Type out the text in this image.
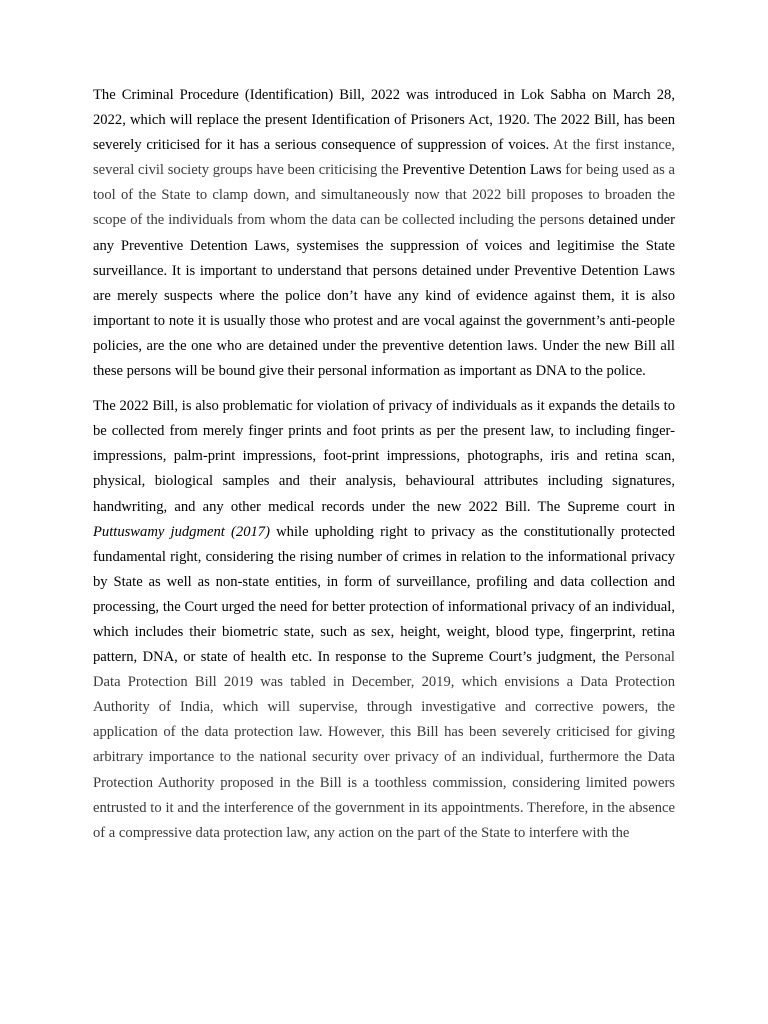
The Criminal Procedure (Identification) Bill, 2022 was introduced in Lok Sabha on March 28, 2022, which will replace the present Identification of Prisoners Act, 1920. The 2022 Bill, has been severely criticised for it has a serious consequence of suppression of voices. At the first instance, several civil society groups have been criticising the Preventive Detention Laws for being used as a tool of the State to clamp down, and simultaneously now that 2022 bill proposes to broaden the scope of the individuals from whom the data can be collected including the persons detained under any Preventive Detention Laws, systemises the suppression of voices and legitimise the State surveillance. It is important to understand that persons detained under Preventive Detention Laws are merely suspects where the police don’t have any kind of evidence against them, it is also important to note it is usually those who protest and are vocal against the government’s anti-people policies, are the one who are detained under the preventive detention laws. Under the new Bill all these persons will be bound give their personal information as important as DNA to the police.

The 2022 Bill, is also problematic for violation of privacy of individuals as it expands the details to be collected from merely finger prints and foot prints as per the present law, to including finger-impressions, palm-print impressions, foot-print impressions, photographs, iris and retina scan, physical, biological samples and their analysis, behavioural attributes including signatures, handwriting, and any other medical records under the new 2022 Bill. The Supreme court in Puttuswamy judgment (2017) while upholding right to privacy as the constitutionally protected fundamental right, considering the rising number of crimes in relation to the informational privacy by State as well as non-state entities, in form of surveillance, profiling and data collection and processing, the Court urged the need for better protection of informational privacy of an individual, which includes their biometric state, such as sex, height, weight, blood type, fingerprint, retina pattern, DNA, or state of health etc. In response to the Supreme Court’s judgment, the Personal Data Protection Bill 2019 was tabled in December, 2019, which envisions a Data Protection Authority of India, which will supervise, through investigative and corrective powers, the application of the data protection law. However, this Bill has been severely criticised for giving arbitrary importance to the national security over privacy of an individual, furthermore the Data Protection Authority proposed in the Bill is a toothless commission, considering limited powers entrusted to it and the interference of the government in its appointments. Therefore, in the absence of a compressive data protection law, any action on the part of the State to interfere with the
